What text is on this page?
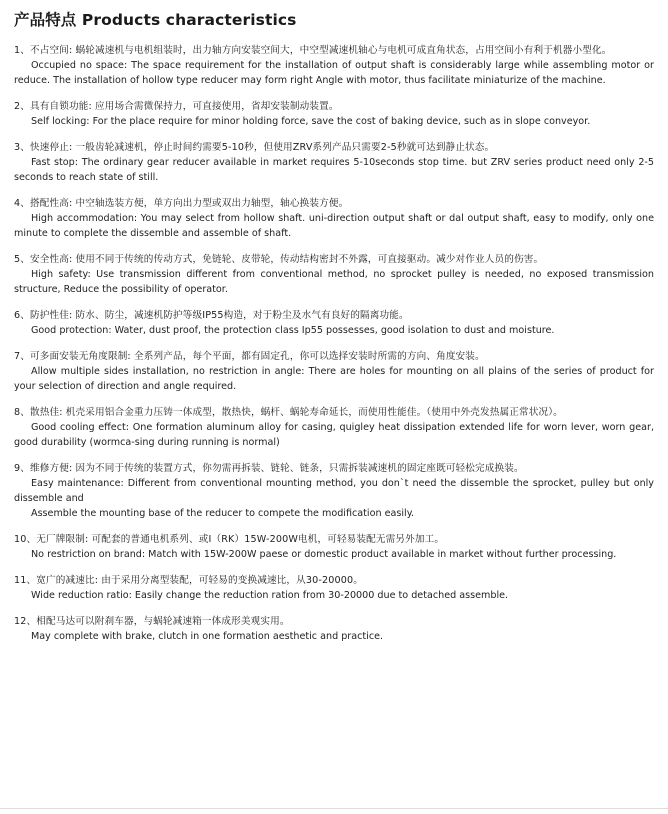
产品特点 Products characteristics

1、不占空间: 蜗轮减速机与电机组装时，出力轴方向安装空间大，中空型减速机轴心与电机可成直角状态，占用空间小有利于机器小型化。

Occupied no space: The space requirement for the installation of output shaft is considerably large while assembling motor or reduce. The installation of hollow type reducer may form right Angle with motor, thus facilitate miniaturize of the machine.

2、具有自锁功能: 应用场合需微保持力，可直接使用，省却安装制动装置。

Self locking: For the place require for minor holding force, save the cost of baking device, such as in slope conveyor.

3、快速停止: 一般齿轮减速机，停止时间约需要5-10秒，但使用ZRV系列产品只需要2-5秒就可达到静止状态。

Fast stop: The ordinary gear reducer available in market requires 5-10seconds stop time. but ZRV series product need only 2-5 seconds to reach state of still.

4、搭配性高: 中空轴选装方便，单方向出力型或双出力轴型，轴心换装方便。

High accommodation: You may select from hollow shaft. uni-direction output shaft or dal output shaft, easy to modify, only one minute to complete the dissemble and assemble of shaft.

5、安全性高: 使用不同于传统的传动方式，免链轮、皮带轮，传动结构密封不外露，可直接驱动。减少对作业人员的伤害。

High safety: Use transmission different from conventional method, no sprocket pulley is needed, no exposed transmission structure, Reduce the possibility of operator.

6、防护性佳: 防水、防尘，减速机防护等级IP55构造，对于粉尘及水气有良好的隔离功能。

Good protection: Water, dust proof, the protection class Ip55 possesses, good isolation to dust and moisture.

7、可多面安装无角度限制: 全系列产品，每个平面，都有固定孔，你可以选择安装时所需的方向、角度安装。

Allow multiple sides installation, no restriction in angle: There are holes for mounting on all plains of the series of product for your selection of direction and angle required.

8、散热佳: 机壳采用铝合金重力压铸一体成型，散热快，蜗杆、蜗轮寿命延长，而使用性能佳。（使用中外壳发热属正常状况）。

Good cooling effect: One formation aluminum alloy for casing, quigley heat dissipation extended life for worn lever, worn gear, good durability (wormca-sing during running is normal)

9、维修方便: 因为不同于传统的装置方式，你勿需再拆装、链轮、链条，只需拆装减速机的固定座既可轻松完成换装。

Easy maintenance: Different from conventional mounting method, you don`t need the dissemble the sprocket, pulley but only dissemble and

Assemble the mounting base of the reducer to compete the modification easily.

10、无厂牌限制: 可配套的普通电机系列、或I（RK）15W-200W电机，可轻易装配无需另外加工。

No restriction on brand: Match with 15W-200W paese or domestic product available in market without further processing.

11、宽广的减速比: 由于采用分离型装配，可轻易的变换减速比，从30-20000。

Wide reduction ratio: Easily change the reduction ration from 30-20000 due to detached assemble.

12、相配马达可以附刹车器，与蜗轮减速箱一体成形美观实用。

May complete with brake, clutch in one formation aesthetic and practice.
